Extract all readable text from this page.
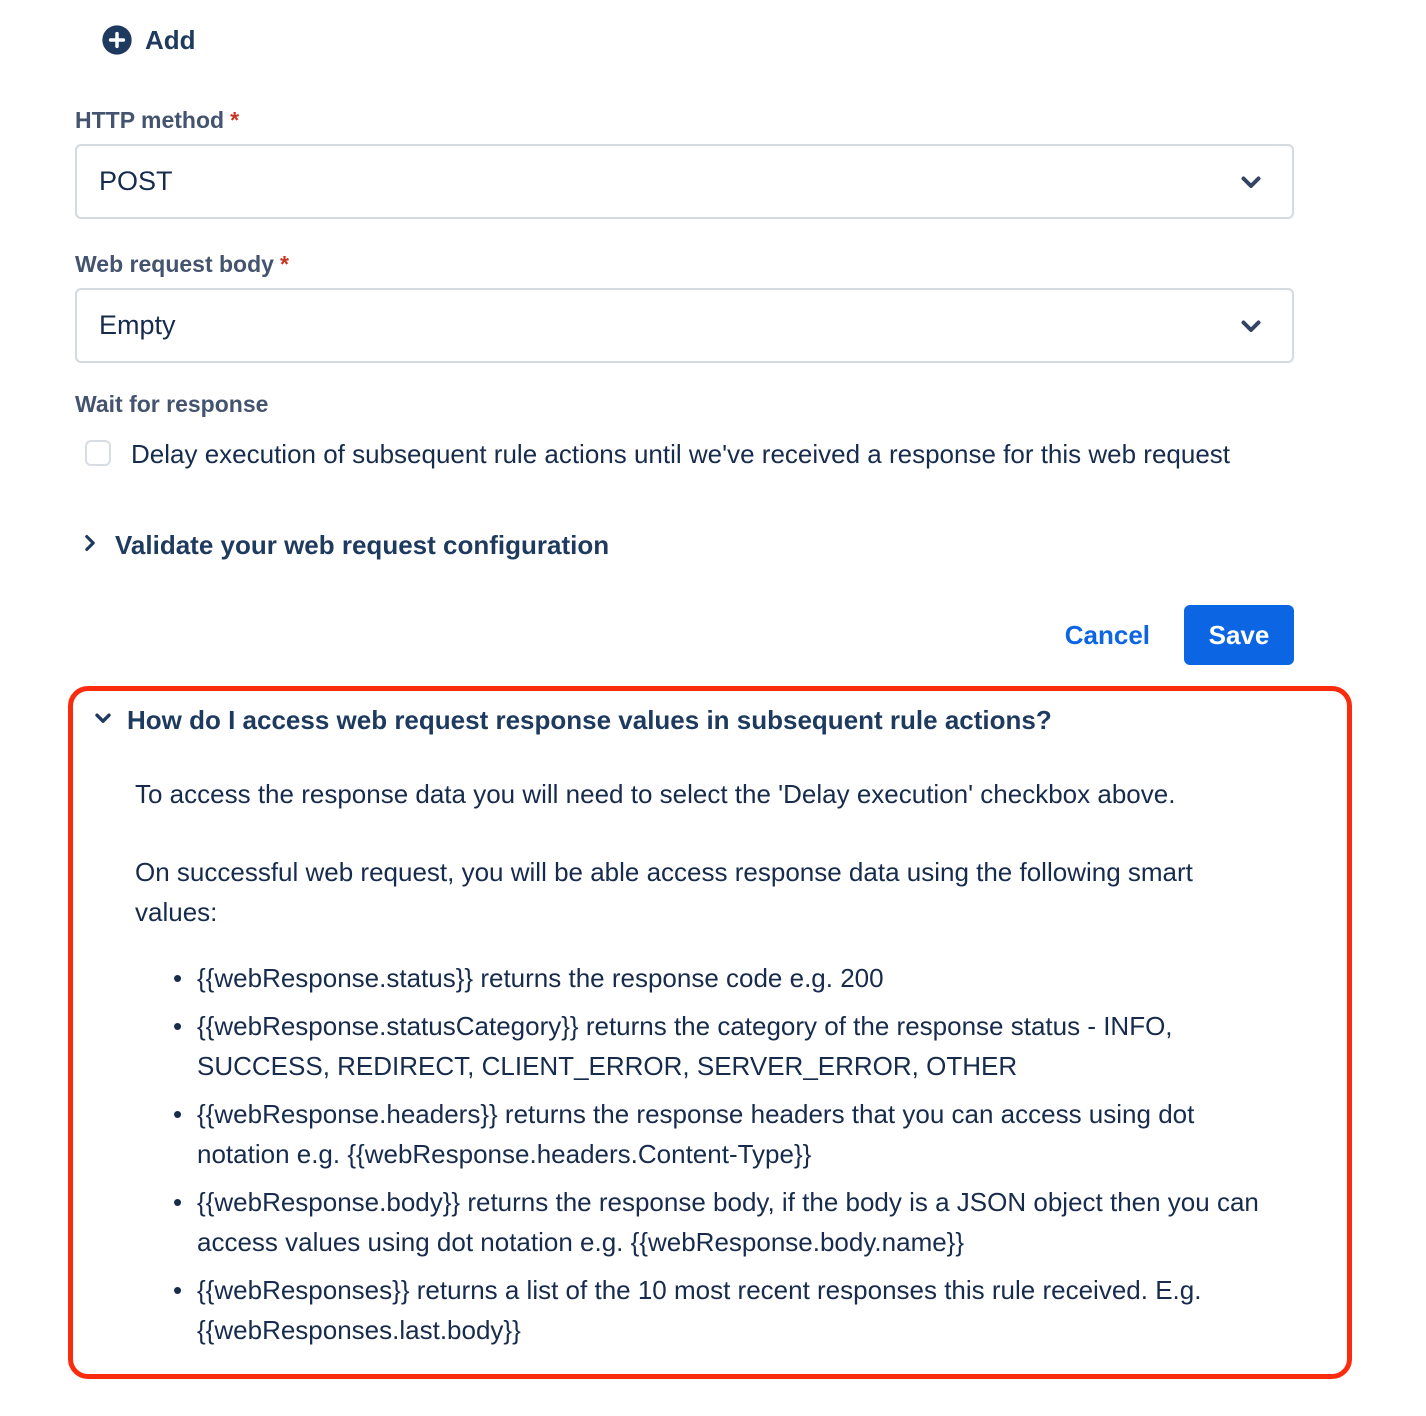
Add
HTTP method *
POST
Web request body *
Empty
Wait for response
Delay execution of subsequent rule actions until we've received a response for this web request
Validate your web request configuration
Cancel	Save
How do I access web request response values in subsequent rule actions?

To access the response data you will need to select the 'Delay execution' checkbox above.

On successful web request, you will be able access response data using the following smart values:

• {{webResponse.status}} returns the response code e.g. 200
• {{webResponse.statusCategory}} returns the category of the response status - INFO, SUCCESS, REDIRECT, CLIENT_ERROR, SERVER_ERROR, OTHER
• {{webResponse.headers}} returns the response headers that you can access using dot notation e.g. {{webResponse.headers.Content-Type}}
• {{webResponse.body}} returns the response body, if the body is a JSON object then you can access values using dot notation e.g. {{webResponse.body.name}}
• {{webResponses}} returns a list of the 10 most recent responses this rule received. E.g. {{webResponses.last.body}}
